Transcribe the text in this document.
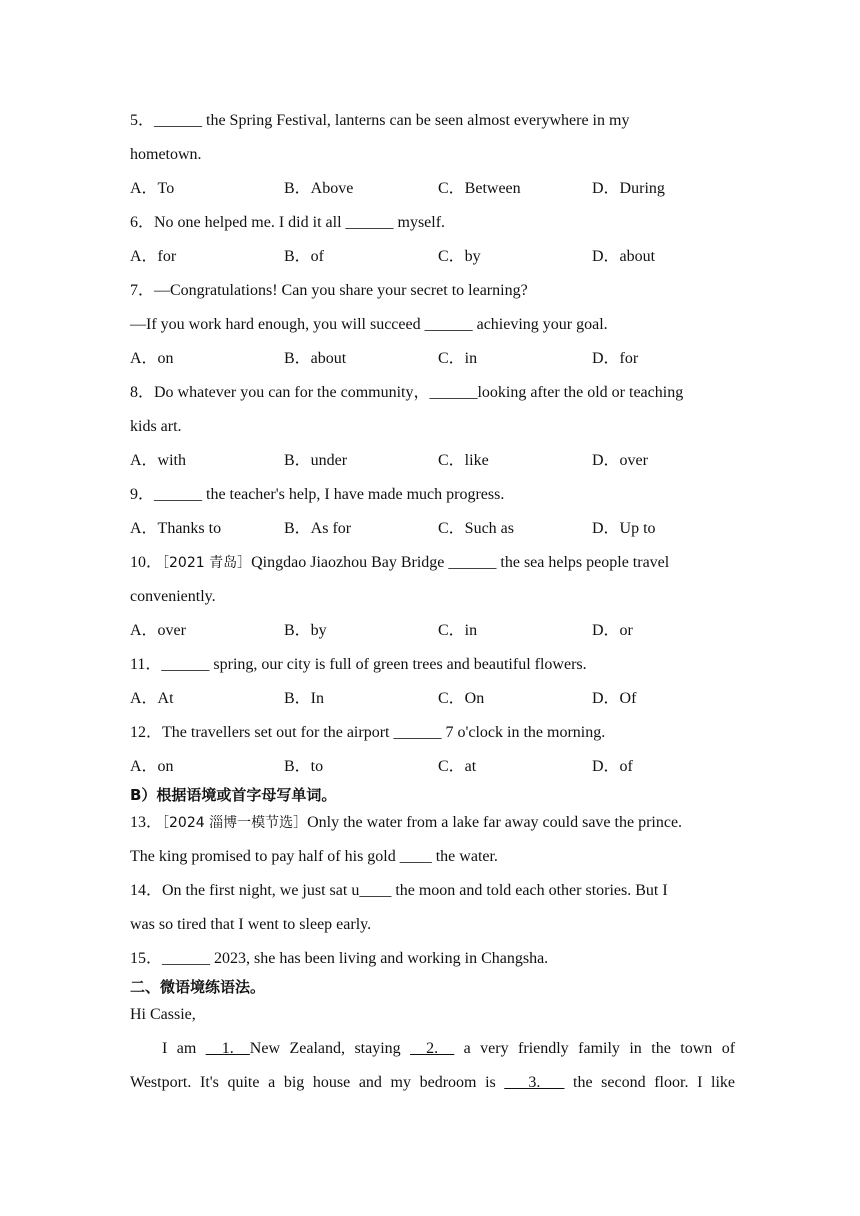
5．______ the Spring Festival, lanterns can be seen almost everywhere in my
hometown.
A．To	B．Above	C．Between	D．During
6．No one helped me. I did it all ______ myself.
A．for	B．of	C．by	D．about
7．—Congratulations! Can you share your secret to learning?
—If you work hard enough, you will succeed ______ achieving your goal.
A．on	B．about	C．in	D．for
8．Do whatever you can for the community，______looking after the old or teaching
kids art.
A．with	B．under	C．like	D．over
9．______ the teacher's help, I have made much progress.
A．Thanks to	B．As for	C．Such as	D．Up to
10．［2021 青岛］Qingdao Jiaozhou Bay Bridge ______ the sea helps people travel
conveniently.
A．over	B．by	C．in	D．or
11．______ spring, our city is full of green trees and beautiful flowers.
A．At	B．In	C．On	D．Of
12．The travellers set out for the airport ______ 7 o'clock in the morning.
A．on	B．to	C．at	D．of
B）根据语境或首字母写单词。
13．［2024 淄博一模节选］Only the water from a lake far away could save the prince.
The king promised to pay half of his gold ____ the water.
14．On the first night, we just sat u____ the moon and told each other stories. But I
was so tired that I went to sleep early.
15．______ 2023, she has been living and working in Changsha.
二、微语境练语法。
Hi Cassie,
I am __1.__New Zealand, staying __2.__ a very friendly family in the town of
Westport. It's quite a big house and my bedroom is ___3.___ the second floor. I like
